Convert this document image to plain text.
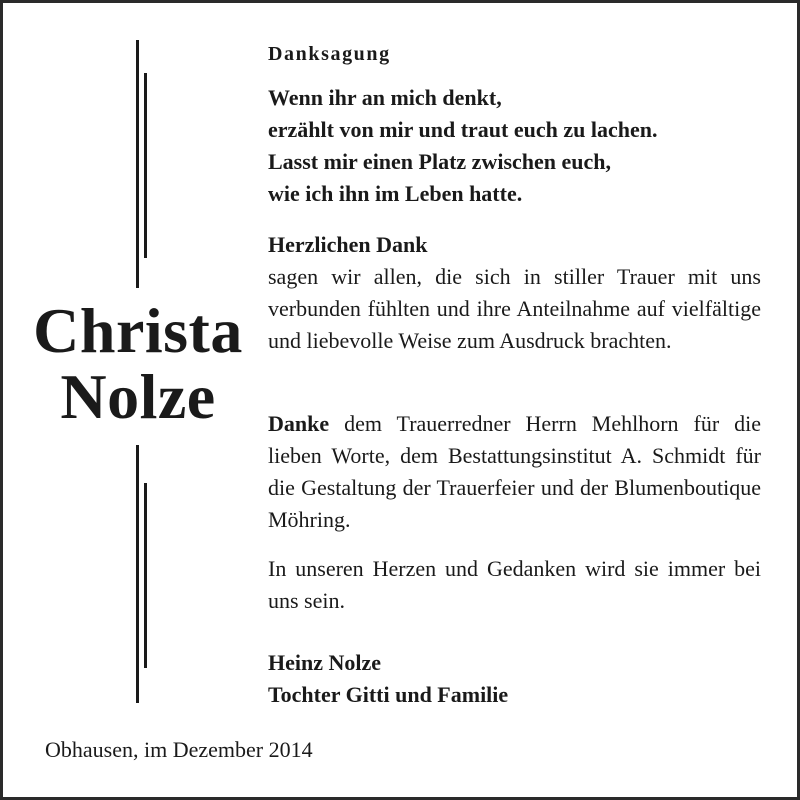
Christa
Nolze
Danksagung
Wenn ihr an mich denkt,
erzählt von mir und traut euch zu lachen.
Lasst mir einen Platz zwischen euch,
wie ich ihn im Leben hatte.
Herzlichen Dank
sagen wir allen, die sich in stiller Trauer mit uns verbunden fühlten und ihre Anteilnahme auf vielfältige und liebevolle Weise zum Ausdruck brachten.
Danke dem Trauerredner Herrn Mehlhorn für die lieben Worte, dem Bestattungsinstitut A. Schmidt für die Gestaltung der Trauerfeier und der Blumenboutique Möhring.
In unseren Herzen und Gedanken wird sie immer bei uns sein.
Heinz Nolze
Tochter Gitti und Familie
Obhausen, im Dezember 2014
